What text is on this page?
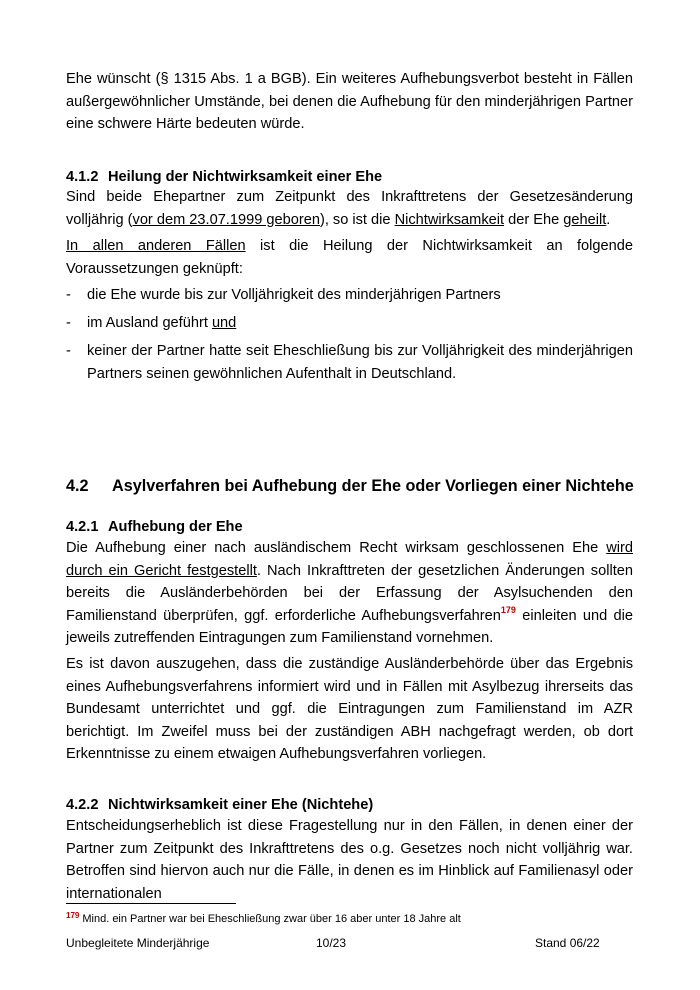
Ehe wünscht (§ 1315 Abs. 1 a BGB). Ein weiteres Aufhebungsverbot besteht in Fällen außergewöhnlicher Umstände, bei denen die Aufhebung für den minderjährigen Partner eine schwere Härte bedeuten würde.
4.1.2 Heilung der Nichtwirksamkeit einer Ehe
Sind beide Ehepartner zum Zeitpunkt des Inkrafttretens der Gesetzesänderung volljährig (vor dem 23.07.1999 geboren), so ist die Nichtwirksamkeit der Ehe geheilt.
In allen anderen Fällen ist die Heilung der Nichtwirksamkeit an folgende Voraussetzungen geknüpft:
- die Ehe wurde bis zur Volljährigkeit des minderjährigen Partners
- im Ausland geführt und
- keiner der Partner hatte seit Eheschließung bis zur Volljährigkeit des minderjährigen Partners seinen gewöhnlichen Aufenthalt in Deutschland.
4.2 Asylverfahren bei Aufhebung der Ehe oder Vorliegen einer Nichtehe
4.2.1 Aufhebung der Ehe
Die Aufhebung einer nach ausländischem Recht wirksam geschlossenen Ehe wird durch ein Gericht festgestellt. Nach Inkrafttreten der gesetzlichen Änderungen sollten bereits die Ausländerbehörden bei der Erfassung der Asylsuchenden den Familienstand überprüfen, ggf. erforderliche Aufhebungsverfahren$^{179}$ einleiten und die jeweils zutreffenden Eintragungen zum Familienstand vornehmen.
Es ist davon auszugehen, dass die zuständige Ausländerbehörde über das Ergebnis eines Aufhebungsverfahrens informiert wird und in Fällen mit Asylbezug ihrerseits das Bundesamt unterrichtet und ggf. die Eintragungen zum Familienstand im AZR berichtigt. Im Zweifel muss bei der zuständigen ABH nachgefragt werden, ob dort Erkenntnisse zu einem etwaigen Aufhebungsverfahren vorliegen.
4.2.2 Nichtwirksamkeit einer Ehe (Nichtehe)
Entscheidungserheblich ist diese Fragestellung nur in den Fällen, in denen einer der Partner zum Zeitpunkt des Inkrafttretens des o.g. Gesetzes noch nicht volljährig war. Betroffen sind hiervon auch nur die Fälle, in denen es im Hinblick auf Familienasyl oder internationalen
$^{179}$ Mind. ein Partner war bei Eheschließung zwar über 16 aber unter 18 Jahre alt
Unbegleitete Minderjährige	10/23	Stand 06/22
